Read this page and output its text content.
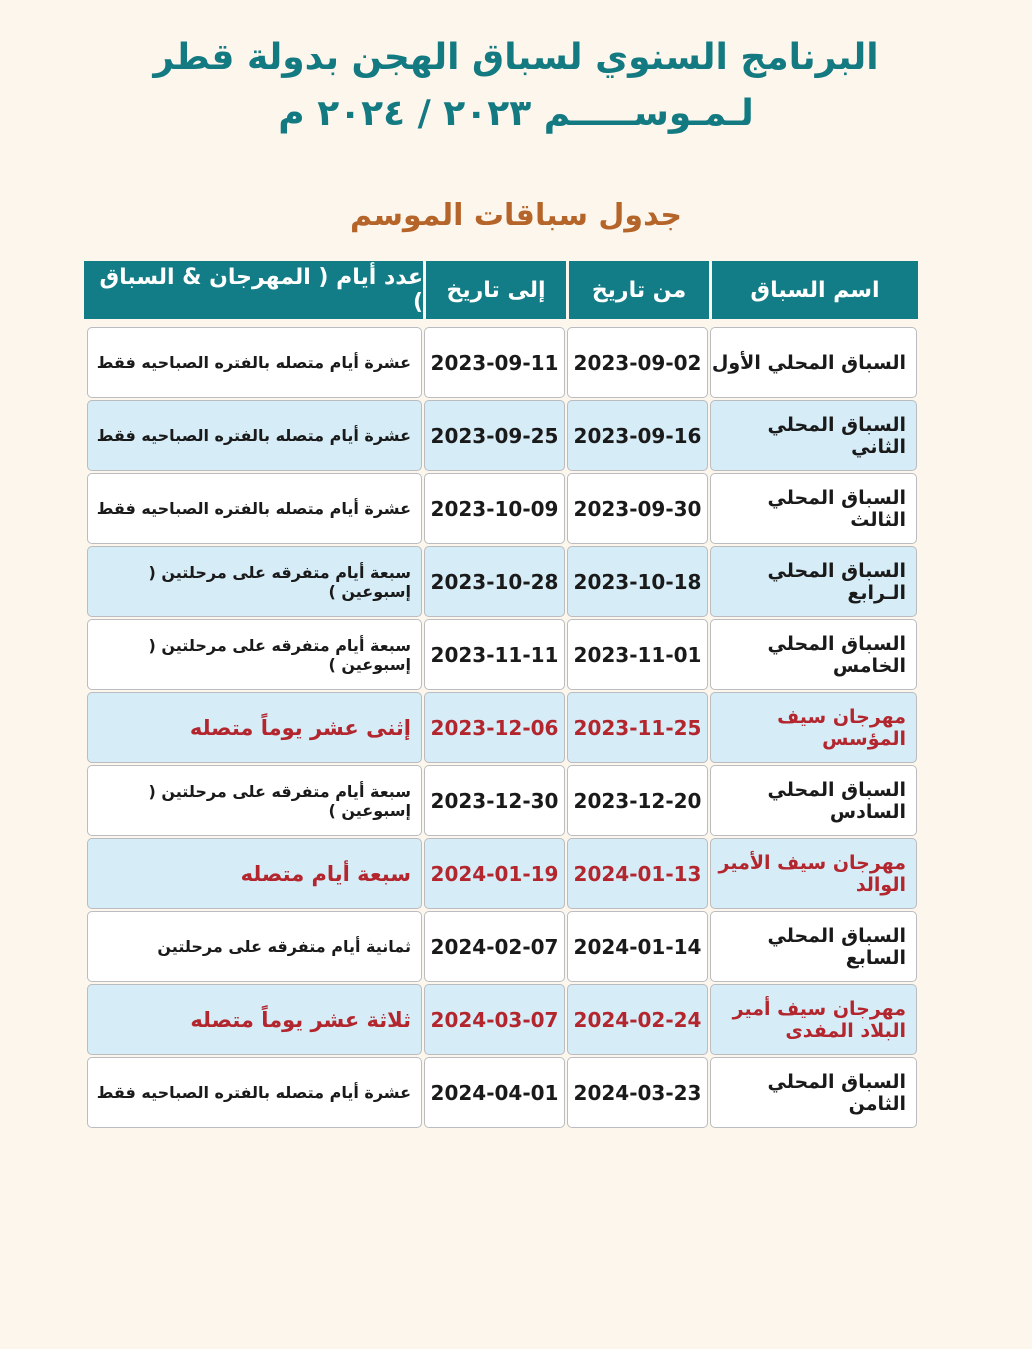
البرنامج السنوي لسباق الهجن بدولة قطر
لـمـوســـــم ٢٠٢٣ / ٢٠٢٤ م
جدول سباقات الموسم
اسم السباق
من تاريخ
إلى تاريخ
عدد أيام ( المهرجان & السباق )
السباق المحلي الأول
2023-09-02
2023-09-11
عشرة أيام متصله بالفتره الصباحيه فقط
السباق المحلي الثاني
2023-09-16
2023-09-25
عشرة أيام متصله بالفتره الصباحيه فقط
السباق المحلي الثالث
2023-09-30
2023-10-09
عشرة أيام متصله بالفتره الصباحيه فقط
السباق المحلي الـرابع
2023-10-18
2023-10-28
سبعة أيام متفرقه على مرحلتين ( إسبوعين )
السباق المحلي الخامس
2023-11-01
2023-11-11
سبعة أيام متفرقه على مرحلتين ( إسبوعين )
مهرجان سيف المؤسس
2023-11-25
2023-12-06
إثنى عشر يوماً متصله
السباق المحلي السادس
2023-12-20
2023-12-30
سبعة أيام متفرقه على مرحلتين ( إسبوعين )
مهرجان سيف الأمير الوالد
2024-01-13
2024-01-19
سبعة أيام متصله
السباق المحلي السابع
2024-01-14
2024-02-07
ثمانية أيام متفرقه على مرحلتين
مهرجان سيف أمير البلاد المفدى
2024-02-24
2024-03-07
ثلاثة عشر يوماً متصله
السباق المحلي الثامن
2024-03-23
2024-04-01
عشرة أيام متصله بالفتره الصباحيه فقط
